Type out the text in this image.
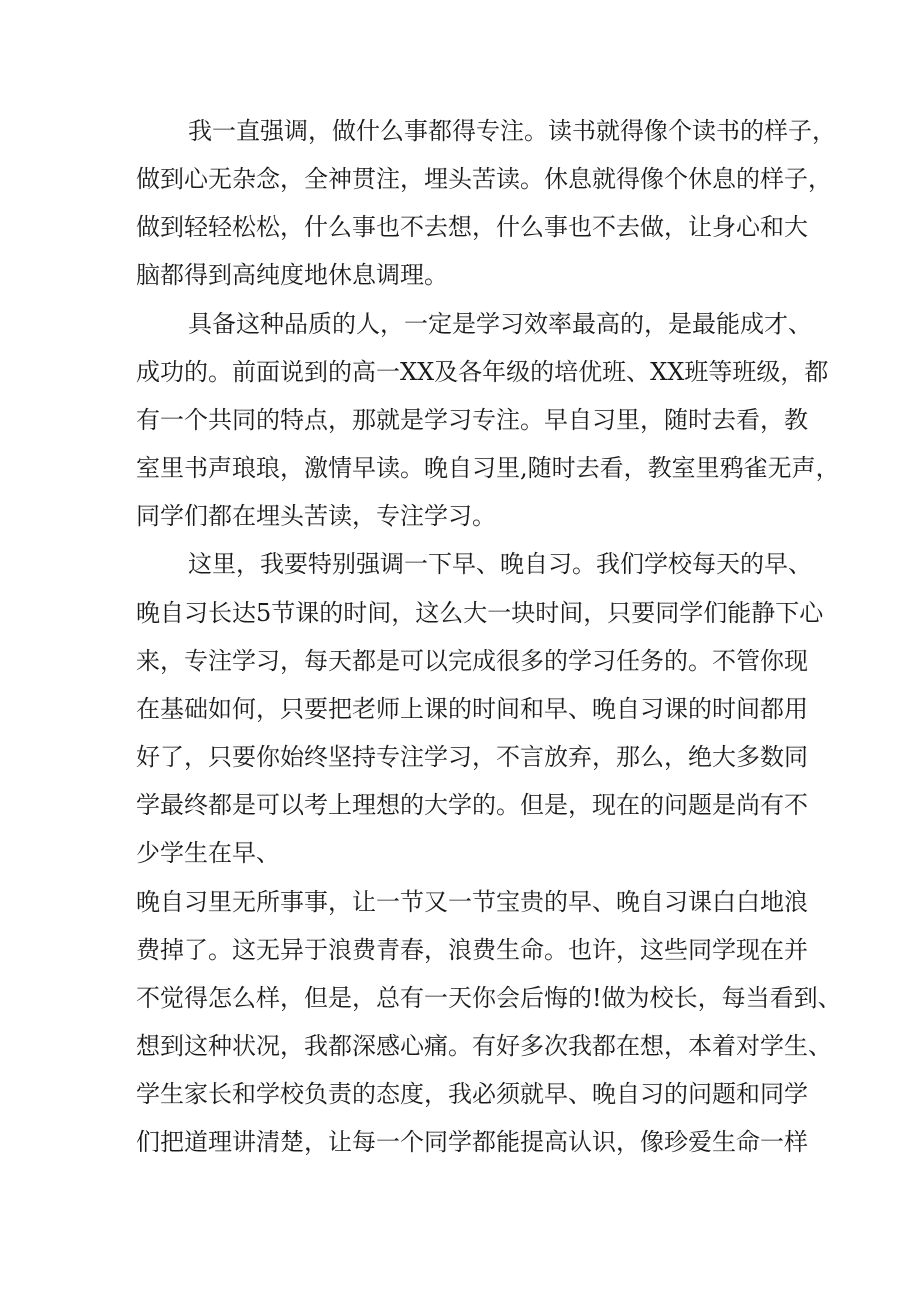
我一直强调，做什么事都得专注。读书就得像个读书的样子，
做到心无杂念，全神贯注，埋头苦读。休息就得像个休息的样子，
做到轻轻松松，什么事也不去想，什么事也不去做，让身心和大
脑都得到高纯度地休息调理。
具备这种品质的人，一定是学习效率最高的，是最能成才、
成功的。前面说到的高一XX及各年级的培优班、XX班等班级，都
有一个共同的特点，那就是学习专注。早自习里，随时去看，教
室里书声琅琅，激情早读。晚自习里,随时去看，教室里鸦雀无声，
同学们都在埋头苦读，专注学习。
这里，我要特别强调一下早、晚自习。我们学校每天的早、
晚自习长达5节课的时间，这么大一块时间，只要同学们能静下心
来，专注学习，每天都是可以完成很多的学习任务的。不管你现
在基础如何，只要把老师上课的时间和早、晚自习课的时间都用
好了，只要你始终坚持专注学习，不言放弃，那么，绝大多数同
学最终都是可以考上理想的大学的。但是，现在的问题是尚有不
少学生在早、
晚自习里无所事事，让一节又一节宝贵的早、晚自习课白白地浪
费掉了。这无异于浪费青春，浪费生命。也许，这些同学现在并
不觉得怎么样，但是，总有一天你会后悔的!做为校长，每当看到、
想到这种状况，我都深感心痛。有好多次我都在想，本着对学生、
学生家长和学校负责的态度，我必须就早、晚自习的问题和同学
们把道理讲清楚，让每一个同学都能提高认识，像珍爱生命一样
